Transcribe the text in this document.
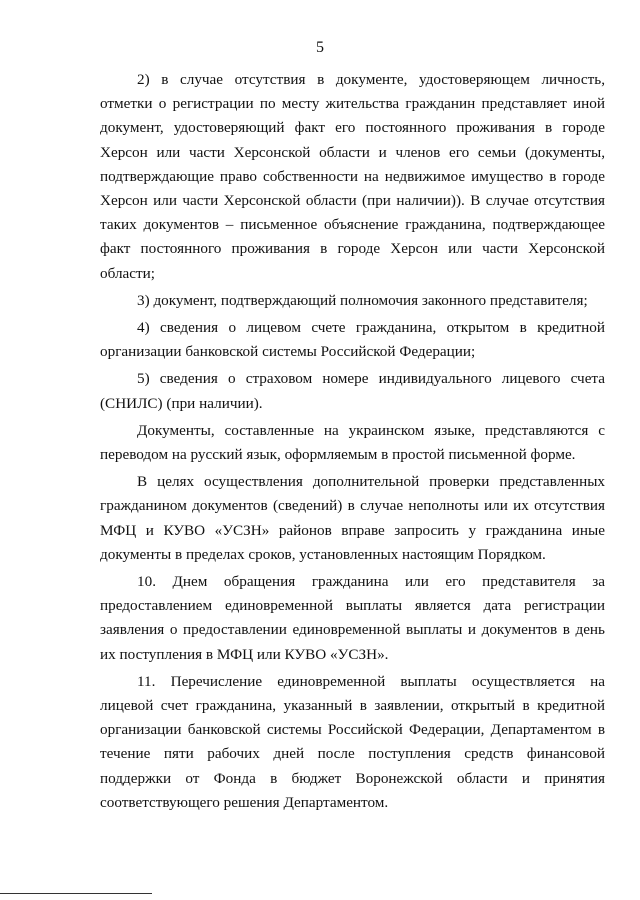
5

2) в случае отсутствия в документе, удостоверяющем личность, отметки о регистрации по месту жительства гражданин представляет иной документ, удостоверяющий факт его постоянного проживания в городе Херсон или части Херсонской области и членов его семьи (документы, подтверждающие право собственности на недвижимое имущество в городе Херсон или части Херсонской области (при наличии)). В случае отсутствия таких документов – письменное объяснение гражданина, подтверждающее факт постоянного проживания в городе Херсон или части Херсонской области;

3) документ, подтверждающий полномочия законного представителя;

4) сведения о лицевом счете гражданина, открытом в кредитной организации банковской системы Российской Федерации;

5) сведения о страховом номере индивидуального лицевого счета (СНИЛС) (при наличии).

Документы, составленные на украинском языке, представляются с переводом на русский язык, оформляемым в простой письменной форме.

В целях осуществления дополнительной проверки представленных гражданином документов (сведений) в случае неполноты или их отсутствия МФЦ и КУВО «УСЗН» районов вправе запросить у гражданина иные документы в пределах сроков, установленных настоящим Порядком.

10. Днем обращения гражданина или его представителя за предоставлением единовременной выплаты является дата регистрации заявления о предоставлении единовременной выплаты и документов в день их поступления в МФЦ или КУВО «УСЗН».

11. Перечисление единовременной выплаты осуществляется на лицевой счет гражданина, указанный в заявлении, открытый в кредитной организации банковской системы Российской Федерации, Департаментом в течение пяти рабочих дней после поступления средств финансовой поддержки от Фонда в бюджет Воронежской области и принятия соответствующего решения Департаментом.
